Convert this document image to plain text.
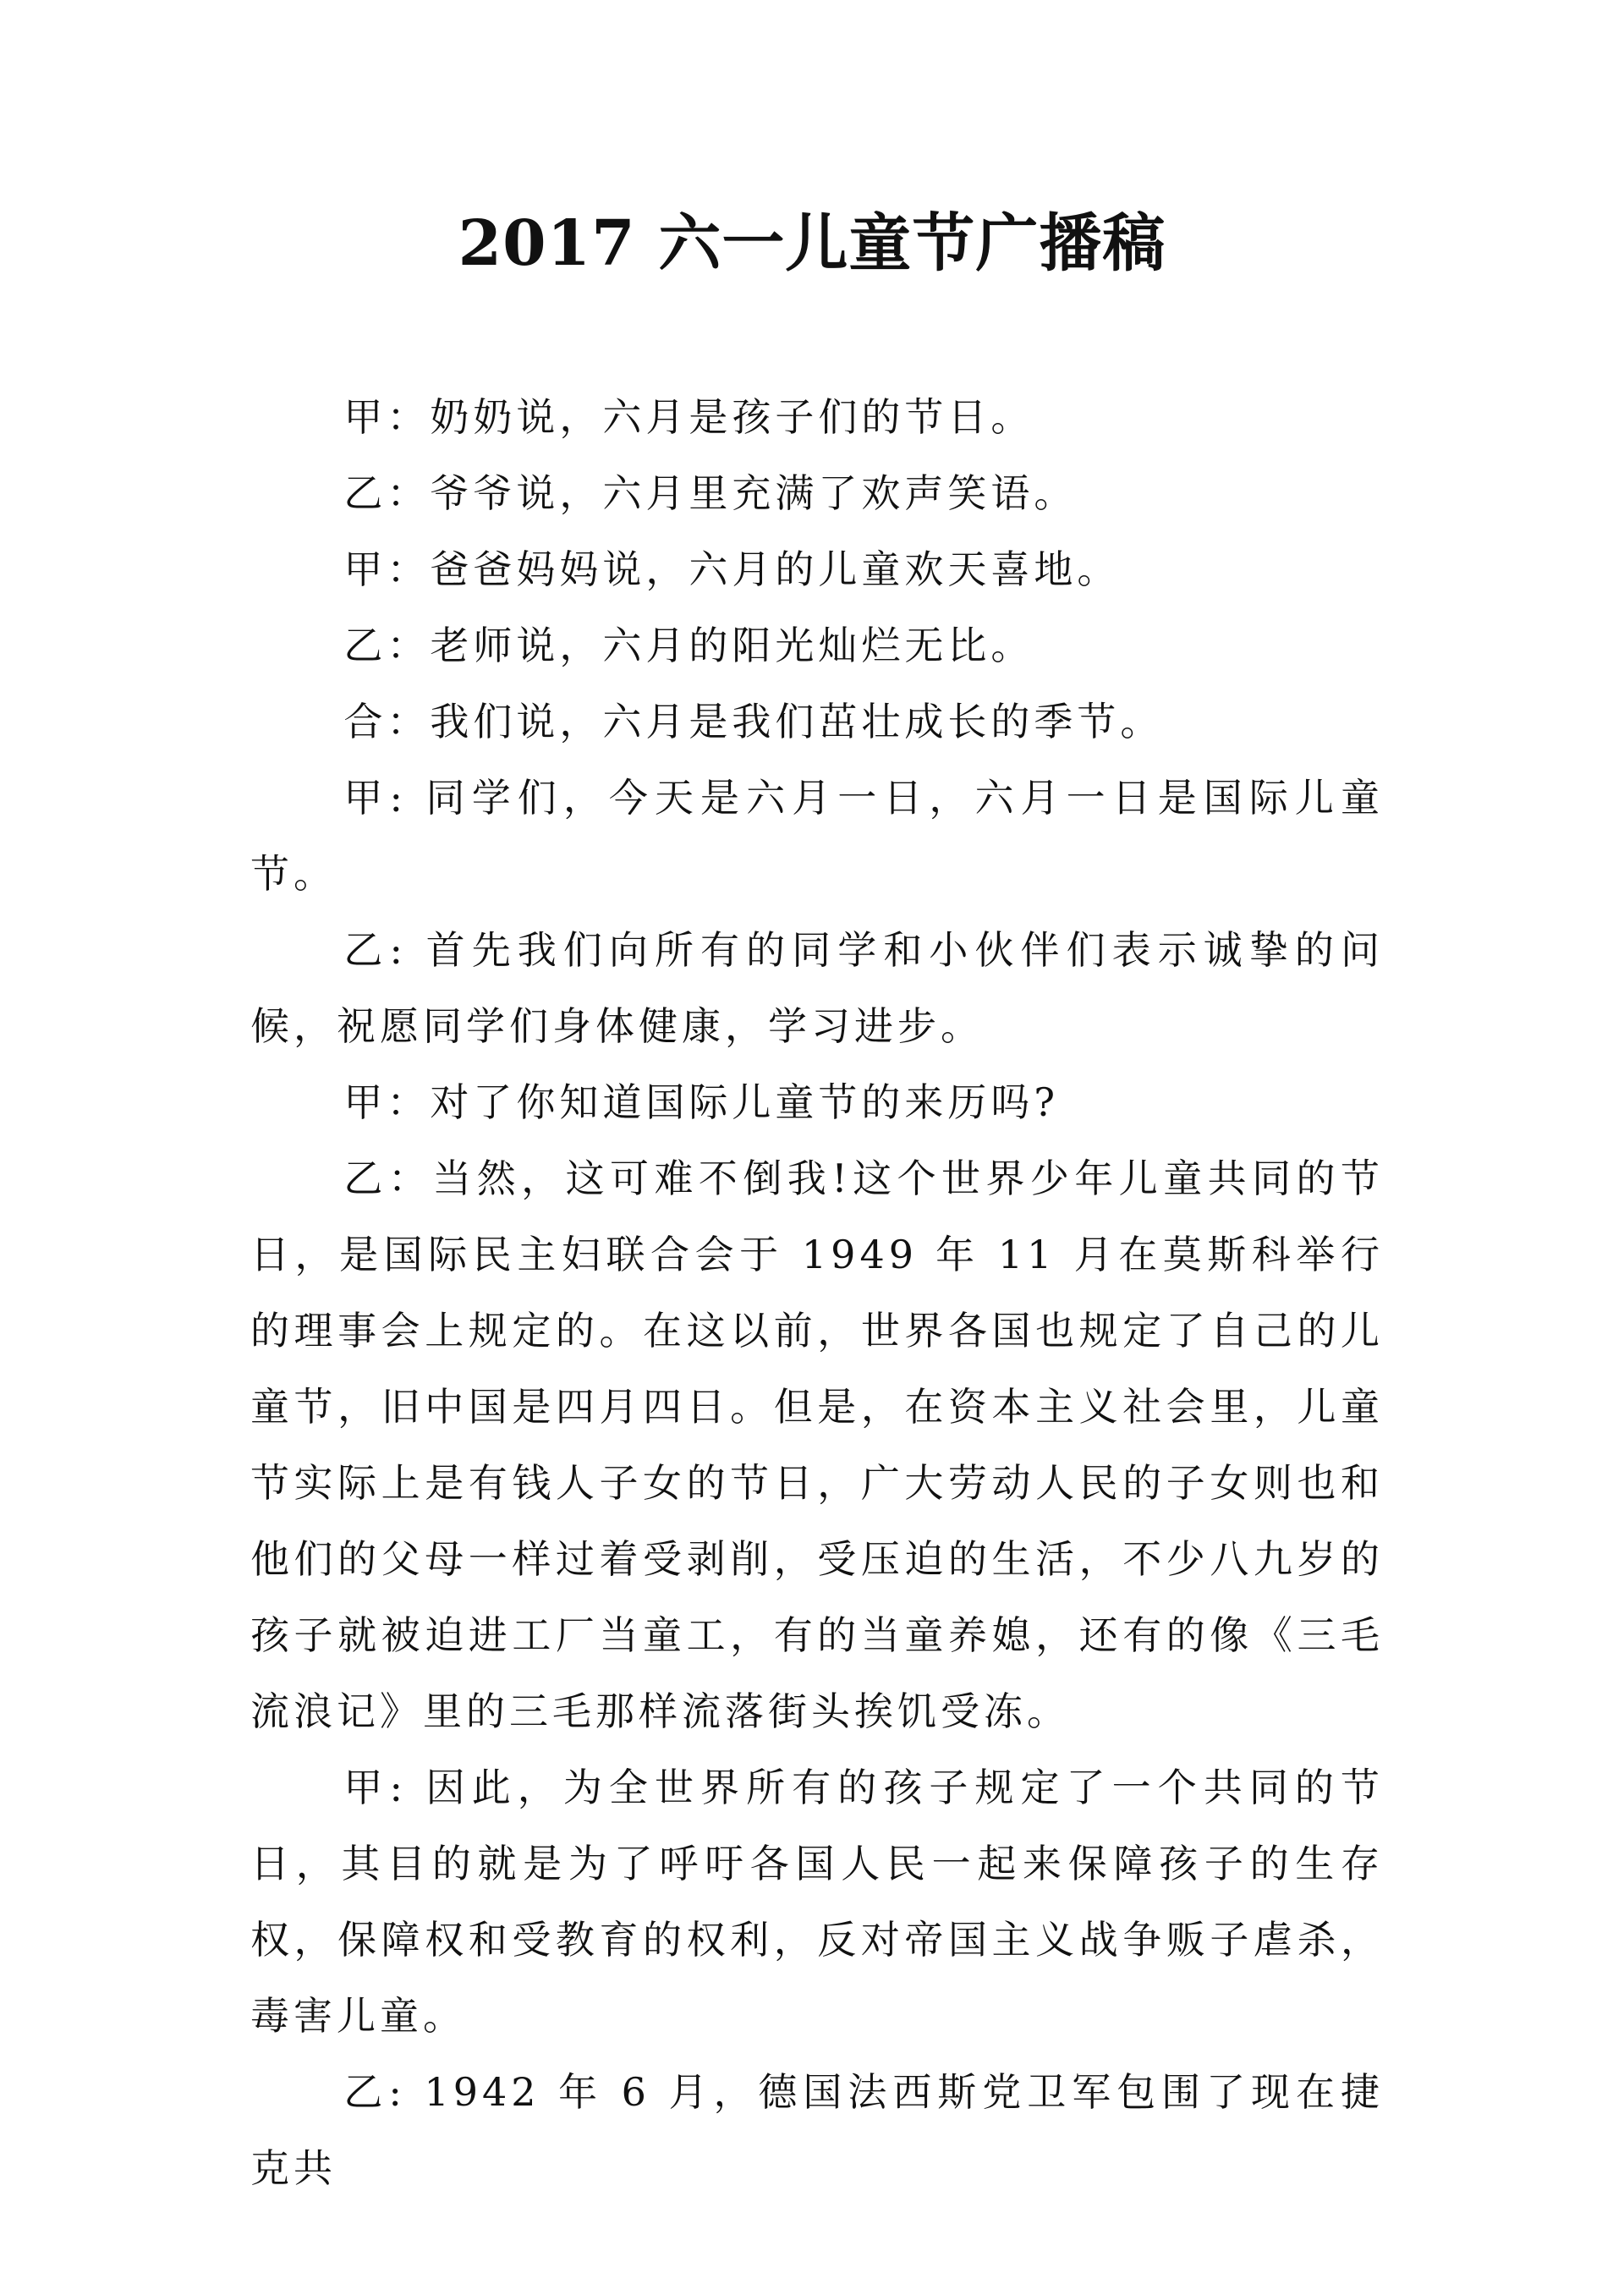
2017 六一儿童节广播稿

甲：奶奶说，六月是孩子们的节日。

乙：爷爷说，六月里充满了欢声笑语。

甲：爸爸妈妈说，六月的儿童欢天喜地。

乙：老师说，六月的阳光灿烂无比。

合：我们说，六月是我们茁壮成长的季节。

甲: 同学们，今天是六月一日，六月一日是国际儿童节。

乙: 首先我们向所有的同学和小伙伴们表示诚挚的问候，祝愿同学们身体健康，学习进步。

甲：对了你知道国际儿童节的来历吗?

乙：当然，这可难不倒我!这个世界少年儿童共同的节日，是国际民主妇联合会于 1949 年 11 月在莫斯科举行的理事会上规定的。在这以前，世界各国也规定了自己的儿童节，旧中国是四月四日。但是，在资本主义社会里，儿童节实际上是有钱人子女的节日，广大劳动人民的子女则也和他们的父母一样过着受剥削，受压迫的生活，不少八九岁的孩子就被迫进工厂当童工，有的当童养媳，还有的像《三毛流浪记》里的三毛那样流落街头挨饥受冻。

甲: 因此，为全世界所有的孩子规定了一个共同的节日，其目的就是为了呼吁各国人民一起来保障孩子的生存权，保障权和受教育的权利，反对帝国主义战争贩子虐杀，毒害儿童。

乙: 1942 年 6 月，德国法西斯党卫军包围了现在捷克共
